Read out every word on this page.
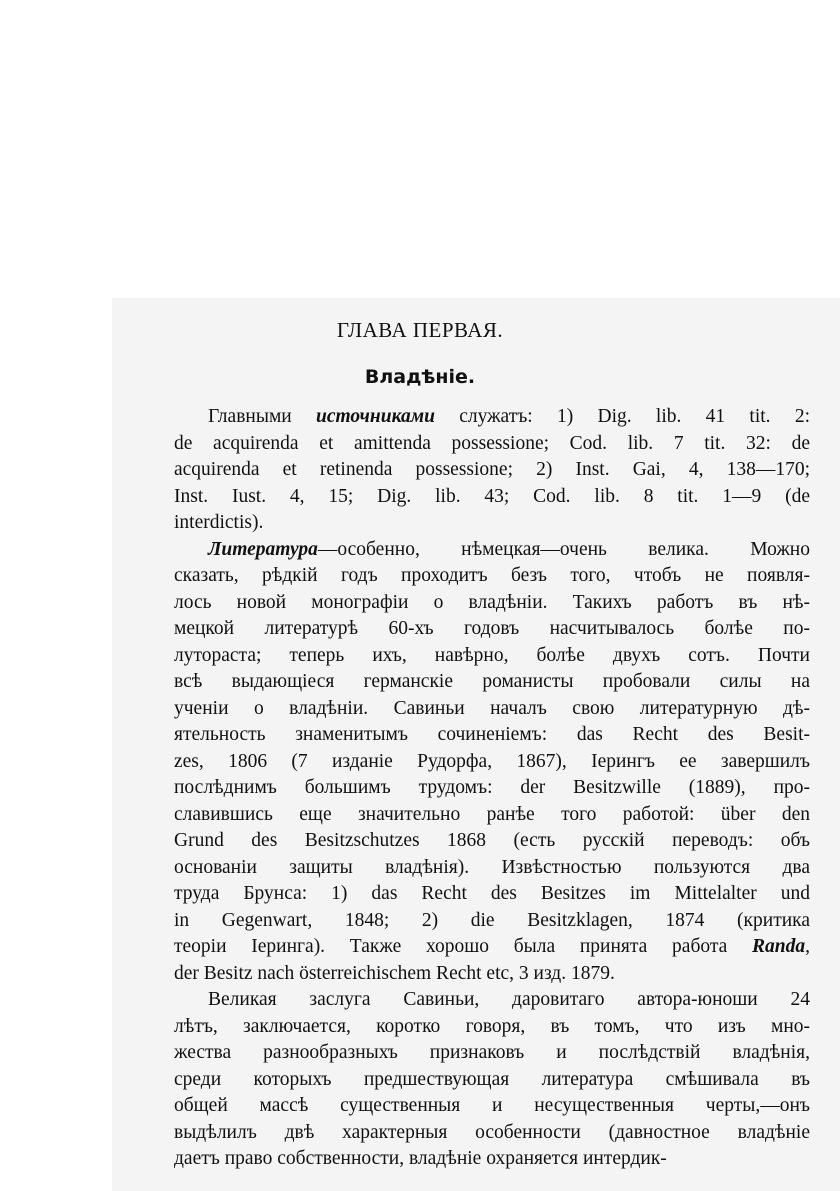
ГЛАВА ПЕРВАЯ.
Владѣніе.
Главными источниками служатъ: 1) Dig. lib. 41 tit. 2:
de acquirenda et amittenda possessione; Cod. lib. 7 tit. 32: de
acquirenda et retinenda possessione; 2) Inst. Gai, 4, 138—170;
Inst. Iust. 4, 15; Dig. lib. 43; Cod. lib. 8 tit. 1—9 (de
interdictis).
Литература—особенно, нѣмецкая—очень велика. Можно
сказать, рѣдкій годъ проходитъ безъ того, чтобъ не появля-
лось новой монографіи о владѣніи. Такихъ работъ въ нѣ-
мецкой литературѣ 60-хъ годовъ насчитывалось болѣе по-
лутораста; теперь ихъ, навѣрно, болѣе двухъ сотъ. Почти
всѣ выдающіеся германскіе романисты пробовали силы на
ученіи о владѣніи. Савиньи началъ свою литературную дѣ-
ятельность знаменитымъ сочиненіемъ: das Recht des Besit-
zes, 1806 (7 изданіе Рудорфа, 1867), Іерингъ ее завершилъ
послѣднимъ большимъ трудомъ: der Besitzwille (1889), про-
славившись еще значительно ранѣе того работой: über den
Grund des Besitzschutzes 1868 (есть русскій переводъ: объ
основаніи защиты владѣнія). Извѣстностью пользуются два
труда Брунса: 1) das Recht des Besitzes im Mittelalter und
in Gegenwart, 1848; 2) die Besitzklagen, 1874 (критика
теоріи Іеринга). Также хорошо была принята работа Randa,
der Besitz nach österreichischem Recht etc, 3 изд. 1879.
Великая заслуга Савиньи, даровитаго автора-юноши 24
лѣтъ, заключается, коротко говоря, въ томъ, что изъ мно-
жества разнообразныхъ признаковъ и послѣдствій владѣнія,
среди которыхъ предшествующая литература смѣшивала въ
общей массѣ существенныя и несущественныя черты,—онъ
выдѣлилъ двѣ характерныя особенности (давностное владѣніе
даетъ право собственности, владѣніе охраняется интердик-
